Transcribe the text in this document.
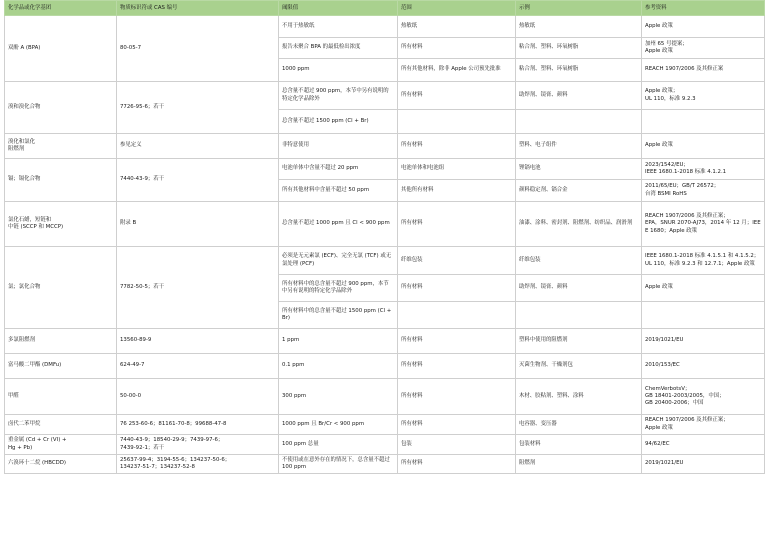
化学品或化学基团	物质标识符或 CAS 编号	阈限值	范围	示例	参考资料
双酚 A (BPA)	80-05-7	不用于热敏纸	热敏纸	热敏纸	Apple 政策
		报告未聚合 BPA 的最低检出浓度	所有材料	粘合剂、塑料、环氧树脂	加州 65 号提案；
Apple 政策
		1000 ppm	所有其他材料，除非 Apple 公司预先批准	粘合剂、塑料、环氧树脂	REACH 1907/2006 及其修正案
溴和溴化合物	7726-95-6；若干	总含量不超过 900 ppm，本节中另有说明的特定化学品除外	所有材料	助焊剂、镜膏、颜料	Apple 政策；
UL 110，标准 9.2.3
		总含量不超过 1500 ppm (Cl + Br)			
溴化和氯化
阻燃剂	参见定义	非特意使用	所有材料	塑料、电子组件	Apple 政策
镉；镉化合物	7440-43-9；若干	电池单体中含量不超过 20 ppm	电池单体和电池组	锂镉电池	2023/1542/EU；
IEEE 1680.1-2018 标准 4.1.2.1
		所有其他材料中含量不超过 50 ppm	其他所有材料	颜料稳定剂、镉合金	2011/65/EU；GB/T 26572；
台湾 BSMI RoHS
氯化石蜡，短链和
中链 (SCCP 和 MCCP)	附录 B	总含量不超过 1000 ppm 且 Cl < 900 ppm	所有材料	油漆、涂料、密封剂、阻燃剂、纺织品、润滑剂	REACH 1907/2006 及其修正案；
EPA，SNUR 2070-AJ73，2014 年 12 月；IEEE 1680；Apple 政策
氯；氯化合物	7782-50-5；若干	必须是无元素氯 (ECF)、完全无氯 (TCF) 或无氯处理 (PCF)	纤维包装	纤维包装	IEEE 1680.1-2018 标准 4.1.5.1 和 4.1.5.2；UL 110，标准 9.2.3 和 12.7.1；Apple 政策
		所有材料中的总含量不超过 900 ppm，本节中另有说明的特定化学品除外	所有材料	助焊剂、镜膏、颜料	Apple 政策
		所有材料中的总含量不超过 1500 ppm (Cl + Br)			
多氯阻燃剂	13560-89-9	1 ppm	所有材料	塑料中使用的阻燃剂	2019/1021/EU
富马酸二甲酯 (DMFu)	624-49-7	0.1 ppm	所有材料	灭菌生物剂、干燥剂包	2010/153/EC
甲醛	50-00-0	300 ppm	所有材料	木材、胶粘剂、塑料、涂料	ChemVerbotsV；
GB 18401-2003/2005，中国；
GB 20400-2006；中国
卤代二苯甲烷	76 253-60-6；81161-70-8；99688-47-8	1000 ppm 且 Br/Cr < 900 ppm	所有材料	电容器、变压器	REACH 1907/2006 及其修正案；
Apple 政策
重金属 (Cd + Cr (VI) +
Hg + Pb)	7440-43-9；18540-29-9；7439-97-6；
7439-92-1；若干	100 ppm 总量	包装	包装材料	94/62/EC
六溴环十二烷 (HBCDD)	25637-99-4；3194-55-6；134237-50-6；
134237-51-7；134237-52-8	不使用或在意外存在的情况下，总含量不超过 100 ppm	所有材料	阻燃剂	2019/1021/EU
